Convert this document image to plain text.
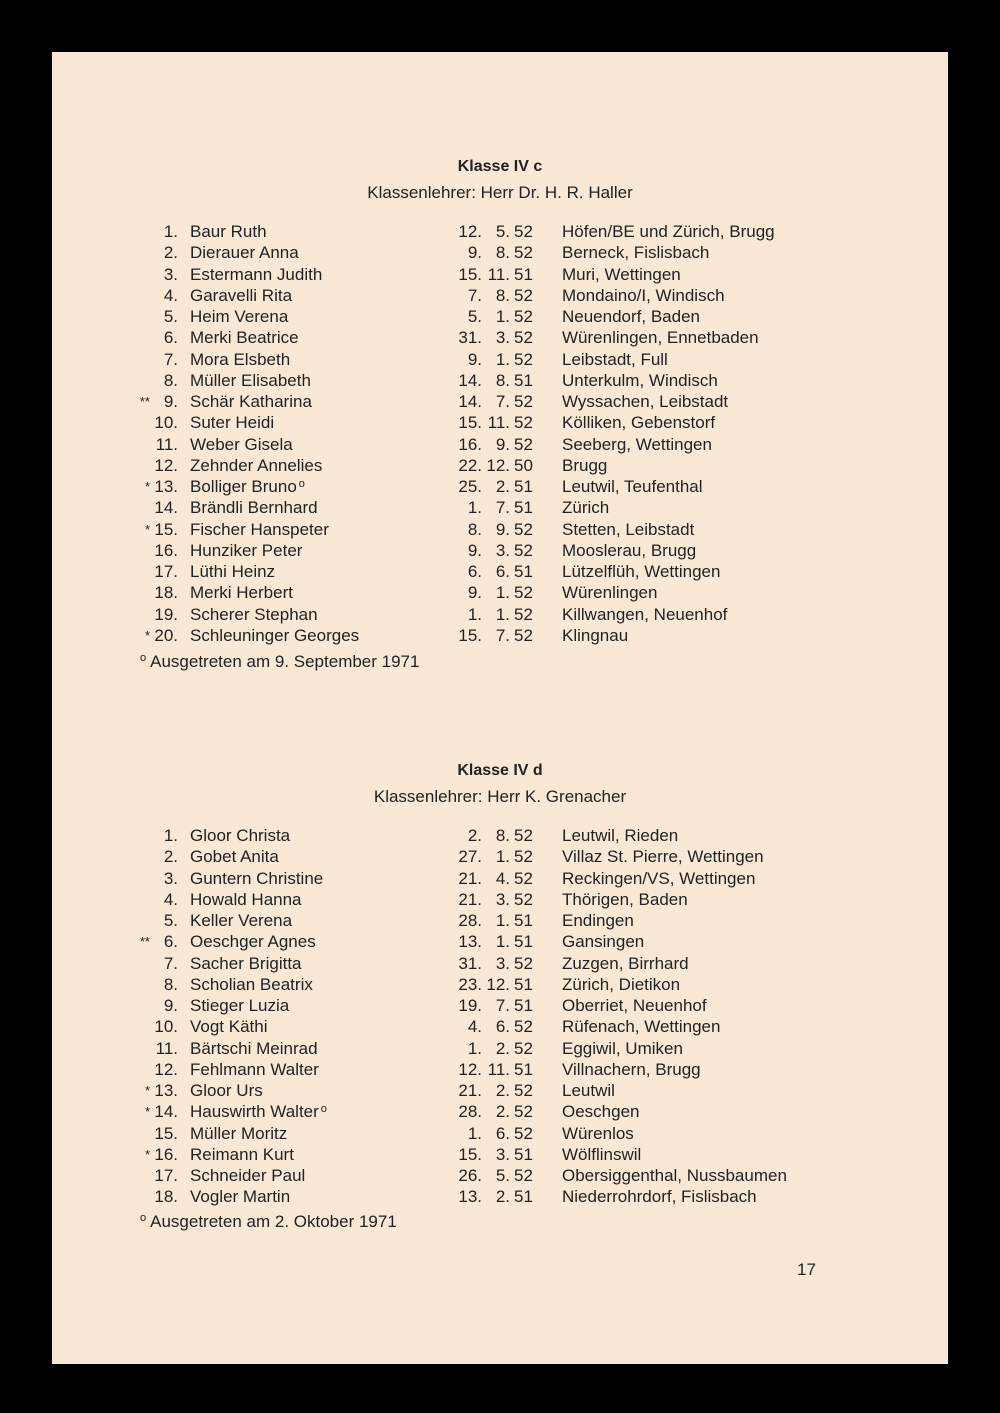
Klasse IV c
Klassenlehrer: Herr Dr. H. R. Haller
1. Baur Ruth	12. 5. 52 Höfen/BE und Zürich, Brugg
2. Dierauer Anna	9. 8. 52 Berneck, Fislisbach
3. Estermann Judith	15. 11. 51 Muri, Wettingen
4. Garavelli Rita	7. 8. 52 Mondaino/I, Windisch
5. Heim Verena	5. 1. 52 Neuendorf, Baden
6. Merki Beatrice	31. 3. 52 Würenlingen, Ennetbaden
7. Mora Elsbeth	9. 1. 52 Leibstadt, Full
8. Müller Elisabeth	14. 8. 51 Unterkulm, Windisch
** 9. Schär Katharina	14. 7. 52 Wyssachen, Leibstadt
10. Suter Heidi	15. 11. 52 Kölliken, Gebenstorf
11. Weber Gisela	16. 9. 52 Seeberg, Wettingen
12. Zehnder Annelies	22. 12. 50 Brugg
* 13. Bolliger Bruno $^o$	25. 2. 51 Leutwil, Teufenthal
14. Brändli Bernhard	1. 7. 51 Zürich
* 15. Fischer Hanspeter	8. 9. 52 Stetten, Leibstadt
16. Hunziker Peter	9. 3. 52 Mooslerau, Brugg
17. Lüthi Heinz	6. 6. 51 Lützelflüh, Wettingen
18. Merki Herbert	9. 1. 52 Würenlingen
19. Scherer Stephan	1. 1. 52 Killwangen, Neuenhof
* 20. Schleuninger Georges	15. 7. 52 Klingnau
$^o$ Ausgetreten am 9. September 1971
Klasse IV d
Klassenlehrer: Herr K. Grenacher
1. Gloor Christa	2. 8. 52 Leutwil, Rieden
2. Gobet Anita	27. 1. 52 Villaz St. Pierre, Wettingen
3. Guntern Christine	21. 4. 52 Reckingen/VS, Wettingen
4. Howald Hanna	21. 3. 52 Thörigen, Baden
5. Keller Verena	28. 1. 51 Endingen
** 6. Oeschger Agnes	13. 1. 51 Gansingen
7. Sacher Brigitta	31. 3. 52 Zuzgen, Birrhard
8. Scholian Beatrix	23. 12. 51 Zürich, Dietikon
9. Stieger Luzia	19. 7. 51 Oberriet, Neuenhof
10. Vogt Käthi	4. 6. 52 Rüfenach, Wettingen
11. Bärtschi Meinrad	1. 2. 52 Eggiwil, Umiken
12. Fehlmann Walter	12. 11. 51 Villnachern, Brugg
* 13. Gloor Urs	21. 2. 52 Leutwil
* 14. Hauswirth Walter $^o$	28. 2. 52 Oeschgen
15. Müller Moritz	1. 6. 52 Würenlos
* 16. Reimann Kurt	15. 3. 51 Wölflinswil
17. Schneider Paul	26. 5. 52 Obersiggenthal, Nussbaumen
18. Vogler Martin	13. 2. 51 Niederrohrdorf, Fislisbach
$^o$ Ausgetreten am 2. Oktober 1971
17
